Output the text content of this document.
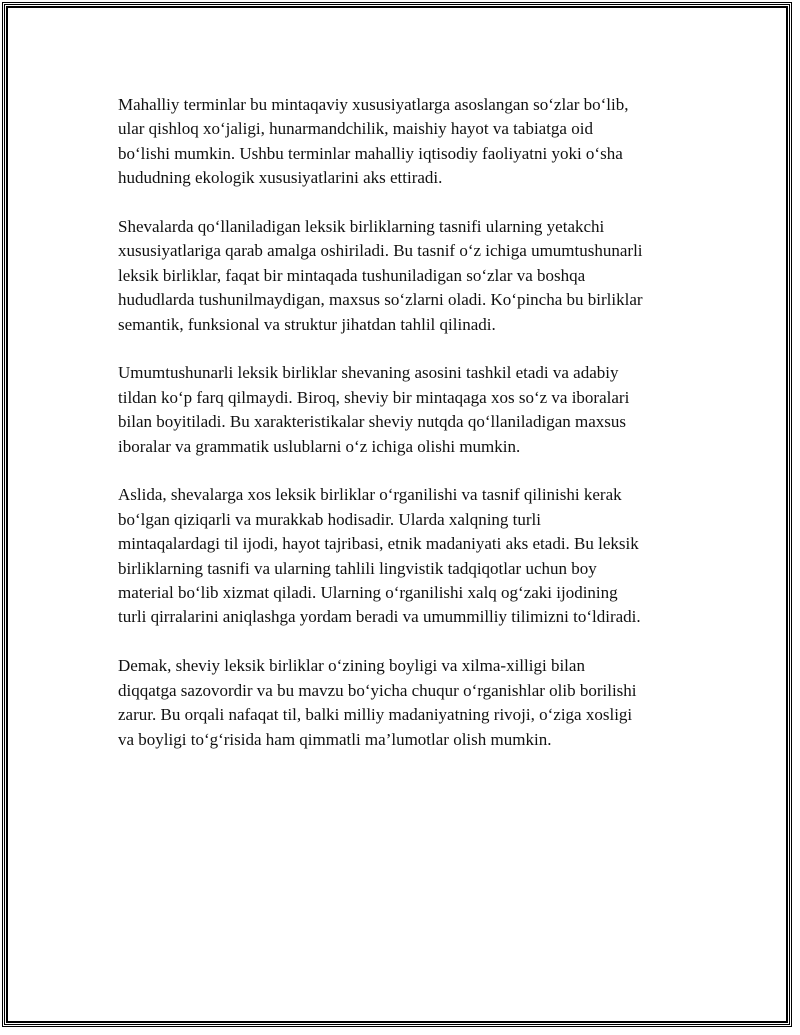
Mahalliy terminlar bu mintaqaviy xususiyatlarga asoslangan so‘zlar bo‘lib,
ular qishloq xo‘jaligi, hunarmandchilik, maishiy hayot va tabiatga oid
bo‘lishi mumkin. Ushbu terminlar mahalliy iqtisodiy faoliyatni yoki o‘sha
hududning ekologik xususiyatlarini aks ettiradi.

Shevalarda qo‘llaniladigan leksik birliklarning tasnifi ularning yetakchi
xususiyatlariga qarab amalga oshiriladi. Bu tasnif o‘z ichiga umumtushunarli
leksik birliklar, faqat bir mintaqada tushuniladigan so‘zlar va boshqa
hududlarda tushunilmaydigan, maxsus so‘zlarni oladi. Ko‘pincha bu birliklar
semantik, funksional va struktur jihatdan tahlil qilinadi.

Umumtushunarli leksik birliklar shevaning asosini tashkil etadi va adabiy
tildan ko‘p farq qilmaydi. Biroq, sheviy bir mintaqaga xos so‘z va iboralari
bilan boyitiladi. Bu xarakteristikalar sheviy nutqda qo‘llaniladigan maxsus
iboralar va grammatik uslublarni o‘z ichiga olishi mumkin.

Aslida, shevalarga xos leksik birliklar o‘rganilishi va tasnif qilinishi kerak
bo‘lgan qiziqarli va murakkab hodisadir. Ularda xalqning turli
mintaqalardagi til ijodi, hayot tajribasi, etnik madaniyati aks etadi. Bu leksik
birliklarning tasnifi va ularning tahlili lingvistik tadqiqotlar uchun boy
material bo‘lib xizmat qiladi. Ularning o‘rganilishi xalq og‘zaki ijodining
turli qirralarini aniqlashga yordam beradi va umummilliy tilimizni to‘ldiradi.

Demak, sheviy leksik birliklar o‘zining boyligi va xilma-xilligi bilan
diqqatga sazovordir va bu mavzu bo‘yicha chuqur o‘rganishlar olib borilishi
zarur. Bu orqali nafaqat til, balki milliy madaniyatning rivoji, o‘ziga xosligi
va boyligi to‘g‘risida ham qimmatli ma’lumotlar olish mumkin.
